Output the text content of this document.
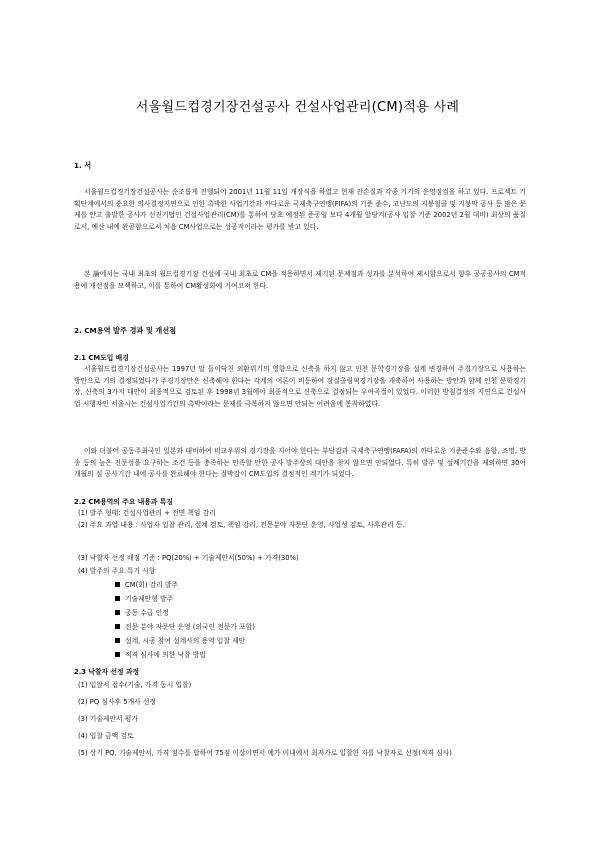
서울월드컵경기장건설공사 건설사업관리(CM)적용 사례
1. 서

서울월드컵경기장건설공사는 순조롭게 진행되어 2001년 11월 11일 개장식을 하였고 현재 잔손질과 각종 기기의 운영점검을 하고 있다. 프로젝트 기획단계에서의 중요한 의사결정지연으로 인한 촉박한 사업기간과 까다로운 국제축구연맹(FIFA)의 기준 준수, 고난도의 지붕철골 및 지붕막 공사 등 많은 문제를 안고 출발한 공사가 선진기법인 건설사업관리(CM)를 통하여 당초 예정된 준공일 보다 4개월 앞당겨(공사 입찰 기준 2002년 2월 대비) 최상의 품질로서, 예산 내에 완공함으로서 처음 CM사업으로는 성공적이라는 평가를 받고 있다.

본 論에서는 국내 최초의 월드컵경기장 건설에 국내 최초로 CM을 적용하면서 제기된 문제점과 성과를 분석하여 제시함으로서 향후 공공공사의 CM적용에 개선점을 모색하고, 이를 통하여 CM활성화에 기여코져 한다.

2. CM용역 발주 경과 및 개선점
2.1 CM도입 배경

서울월드컵경기장건설공사는 1997년 말 들이닥친 외환위기의 영향으로 신축을 하지 않고 인천 문학경기장을 설계 변경하여 주경기장으로 사용하는 방안으로 거의 결정되었다가 주경기장만은 신축해야 한다는 각계의 여론이 비등하여 잠실올림픽경기장을 개축하여 사용하는 방안과 함께 인천 문학경기장, 신축의 3가지 대안이 최종적으로 검토된 후 1998년 3월에야 최종적으로 신축으로 결정되는 우여곡절이 있었다. 이러한 방침결정의 지연으로 건설사업 시행자인 서울시는 건설사업기간의 촉박이라는 문제를 극복하지 않으면 안되는 어려움에 봉착하였다.

이와 더불어 공동주최국인 일본과 대비하여 비교우위의 경기장을 지어야 한다는 부담감과 국제축구연맹(FAFA)의 까다로운 기준준수와 음향, 조명, 방송 등의 높은 전문성을 요구하는 조건 등을 충족하는 만족할 만한 공사 발주상의 대안을 찾지 않으면 안되었다. 특히 발주 및 설계기간을 제외하면 30여 개월의 실 공사기간 내에 공사를 완료해야 한다는 절박감이 CM도입의 결정적인 계기가 되었다.

2.2 CM용역의 주요 내용과 특징

(1) 발주 형태: 건설사업관리 + 전면 책임 감리

(2) 주요 과업 내용 : 사업자 입찰 관리, 설계 검토, 책임 감리, 전문분야 자문단 운영, 사업성 검토, 사후관리 등.

(3) 낙찰자 선정 배점 기준 : PQ(20%) + 기술제안서(50%) + 가격(30%)

(4) 발주의 주요 특기 사항

CM(회) 감리 발주
기술제안형 발주
공동 수급 인정
전문 분야 자문단 운영 (외국인 전문가 포함)
설계, 시공 참여 설계사의 용역 입찰 제안
적격 심사에 의한 낙찰 방법
2.3 낙찰자 선정 과정

(1) 입찰서 접수(기술, 가격 동시 입찰)

(2) PQ 심사후 5개사 선정

(3) 기술제안서 평가

(4) 입찰 금액 검토

(5) 상기 PQ, 기술제안서, 가격 점수를 합하여 75점 이상이면서 예가 이내에서 최저가로 입찰한 자를 낙찰자로 선정(적격 심사)
